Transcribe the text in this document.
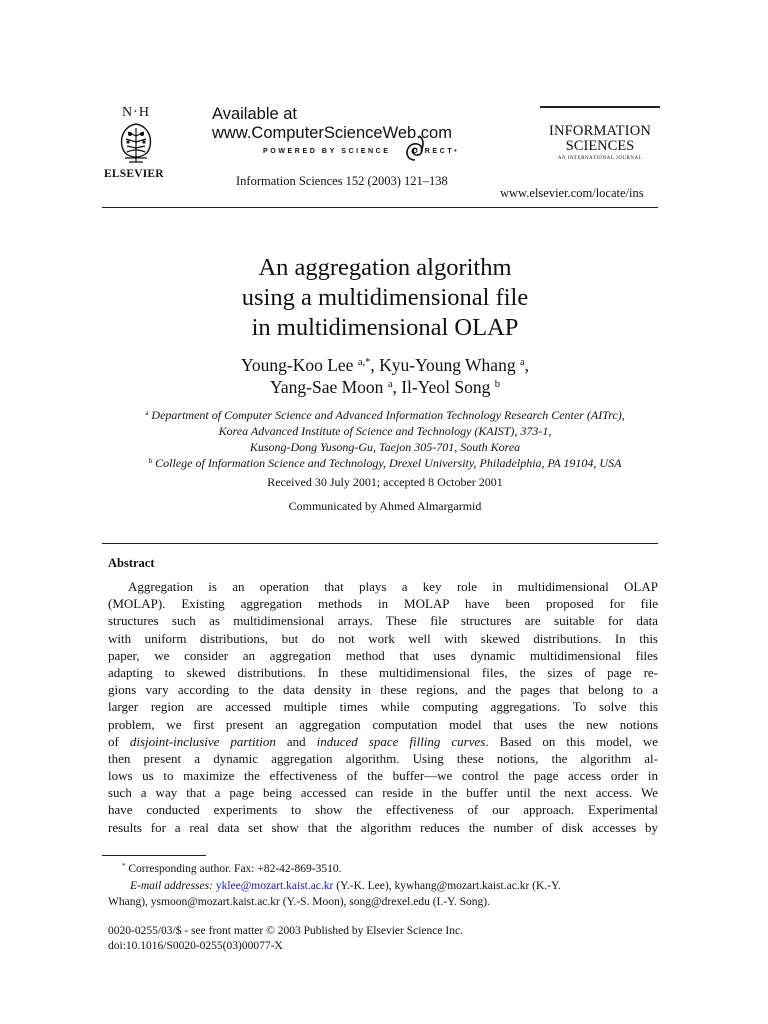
N·H
ELSEVIER
Available at
www.ComputerScienceWeb.com
POWERED BY SCIENCE	DIRECT•
Information Sciences 152 (2003) 121–138
INFORMATION
SCIENCES
AN INTERNATIONAL JOURNAL
www.elsevier.com/locate/ins
An aggregation algorithm
using a multidimensional file
in multidimensional OLAP
Young-Koo Lee $^{a,*}$, Kyu-Young Whang $^a$,
Yang-Sae Moon $^a$, Il-Yeol Song $^b$
$^a$ Department of Computer Science and Advanced Information Technology Research Center (AITrc),
Korea Advanced Institute of Science and Technology (KAIST), 373-1,
Kusong-Dong Yusong-Gu, Taejon 305-701, South Korea
$^b$ College of Information Science and Technology, Drexel University, Philadelphia, PA 19104, USA
Received 30 July 2001; accepted 8 October 2001
Communicated by Ahmed Almargarmid
Abstract
Aggregation is an operation that plays a key role in multidimensional OLAP
(MOLAP). Existing aggregation methods in MOLAP have been proposed for file
structures such as multidimensional arrays. These file structures are suitable for data
with uniform distributions, but do not work well with skewed distributions. In this
paper, we consider an aggregation method that uses dynamic multidimensional files
adapting to skewed distributions. In these multidimensional files, the sizes of page re-
gions vary according to the data density in these regions, and the pages that belong to a
larger region are accessed multiple times while computing aggregations. To solve this
problem, we first present an aggregation computation model that uses the new notions
of disjoint-inclusive partition and induced space filling curves. Based on this model, we
then present a dynamic aggregation algorithm. Using these notions, the algorithm al-
lows us to maximize the effectiveness of the buffer—we control the page access order in
such a way that a page being accessed can reside in the buffer until the next access. We
have conducted experiments to show the effectiveness of our approach. Experimental
results for a real data set show that the algorithm reduces the number of disk accesses by
* Corresponding author. Fax: +82-42-869-3510.
E-mail addresses: yklee@mozart.kaist.ac.kr (Y.-K. Lee), kywhang@mozart.kaist.ac.kr (K.-Y.
Whang), ysmoon@mozart.kaist.ac.kr (Y.-S. Moon), song@drexel.edu (I.-Y. Song).
0020-0255/03/$ - see front matter © 2003 Published by Elsevier Science Inc.
doi:10.1016/S0020-0255(03)00077-X
